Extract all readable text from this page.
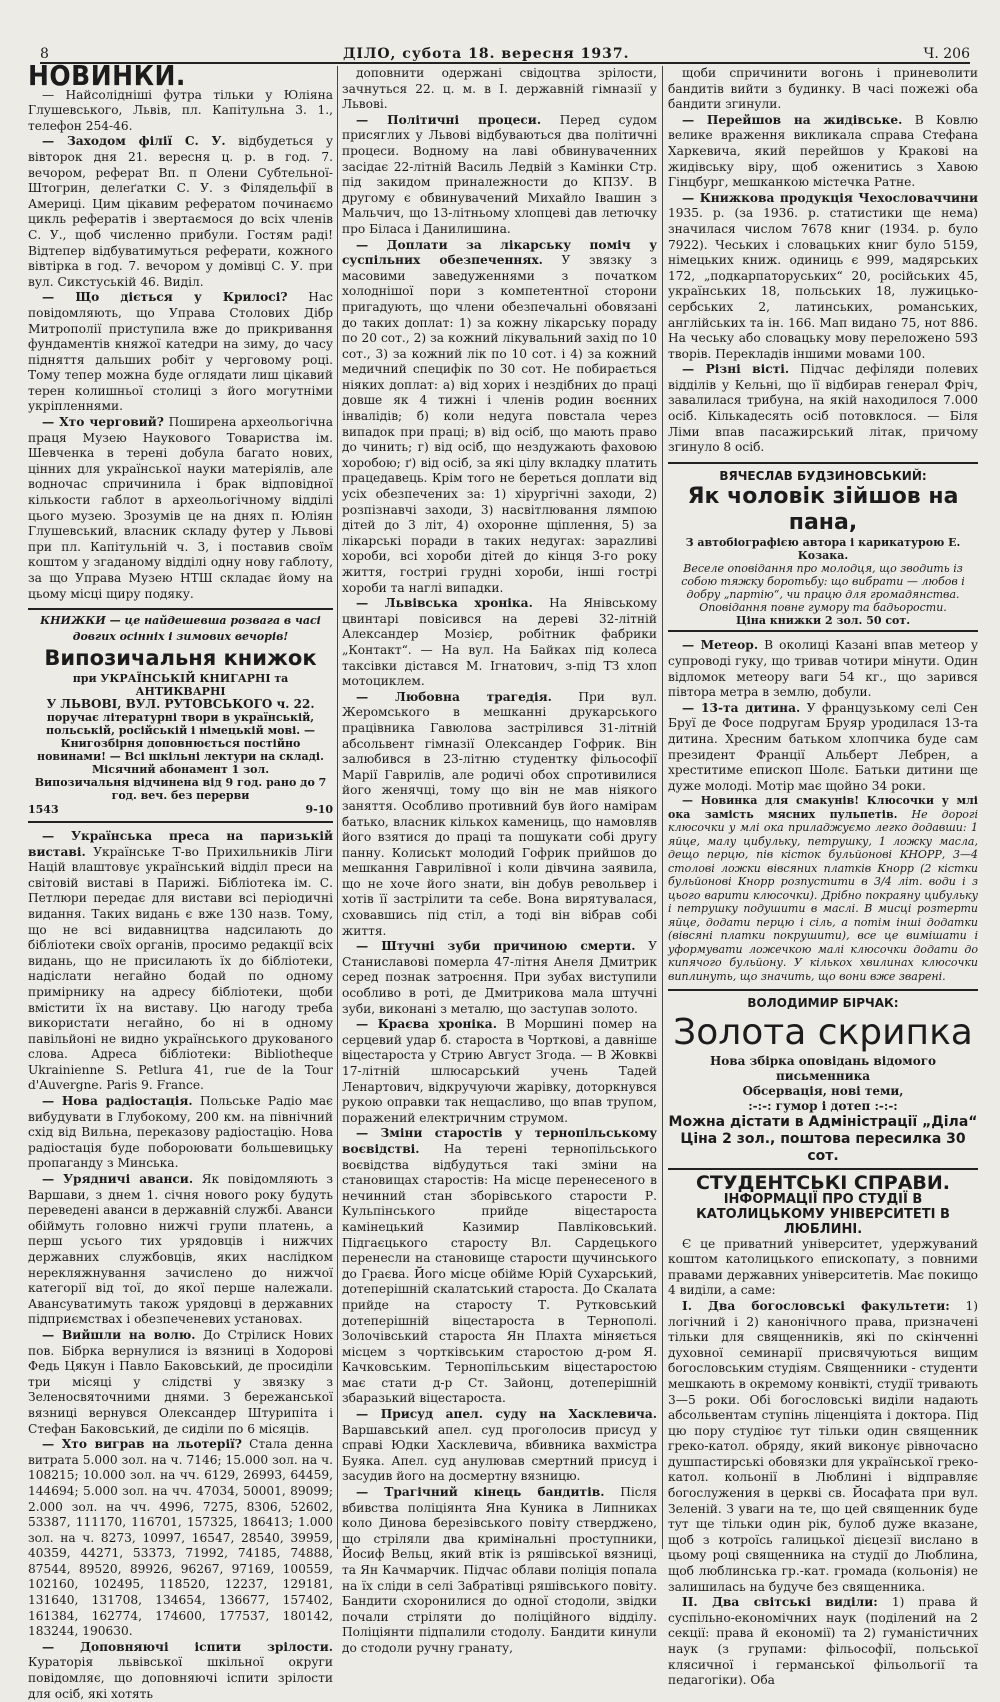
8	ДІЛО, субота 18. вересня 1937.	Ч. 206
НОВИНКИ.

— Найсолідніші футра тільки у Юліяна Глушевського, Львів, пл. Капітульна 3. 1., телефон 254-46.

— Заходом філії С. У. відбудеться у вівторок дня 21. вересня ц. р. в год. 7. вечором, реферат Вп. п Олени Субтельної-Штогрин, делеґатки С. У. з Філядельфії в Америці. Цим цікавим рефератом починаємо цикль рефератів і звертаємося до всіх членів С. У., щоб численно прибули. Гостям раді! Відтепер відбуватимуться реферати, кожного вівтірка в год. 7. вечором у домівці С. У. при вул. Сикстуській 46. Виділ.

— Що діється у Крилосі? Нас повідомляють, що Управа Столових Дібр Митрополії приступила вже до прикривання фундаментів княжої катедри на зиму, до часу підняття дальших робіт у черговому році. Тому тепер можна буде оглядати лиш цікавий терен колишньої столиці з його могутніми укріпленнями.

— Хто черговий? Поширена археольогічна праця Музею Наукового Товариства ім. Шевченка в терені добула багато нових, цінних для української науки матеріялів, але водночас спричинила і брак відповідної кількости габлот в археольогічному відділі цього музею. Зрозумів це на днях п. Юліян Глушевський, власник складу футер у Львові при пл. Капітульній ч. 3, і поставив своїм коштом у згаданому відділі одну нову габлоту, за що Управа Музею НТШ складає йому на цьому місці щиру подяку.

КНИЖКИ — це найдешевша розвага в часі довгих осінніх і зимових вечорів!
Випозичальня книжок
при УКРАЇНСЬКІЙ КНИГАРНІ та АНТИКВАРНІ
У ЛЬВОВІ, ВУЛ. РУТОВСЬКОГО ч. 22.
поручає літературні твори в українській, польській, російській і німецькій мові. — Книгозбірня доповнюється постійно новинами! — Всі шкільні лектури на складі.
Місячний абонамент 1 зол.
Випозичальня відчинена від 9 год. рано до 7 год. веч. без перерви
1543	9-10

— Українська преса на паризькій виставі. Українське Т-во Прихильників Ліги Націй влаштовує український відділ преси на світовій виставі в Парижі. Бібліотека ім. С. Петлюри передає для вистави всі періодичні видання. Таких видань є вже 130 назв. Тому, що не всі видавництва надсилають до бібліотеки своїх органів, просимо редакції всіх видань, що не присилають їх до бібліотеки, надіслати негайно бодай по одному примірнику на адресу бібліотеки, щоби вмістити їх на виставу. Цю нагоду треба використати негайно, бо ні в одному павільйоні не видно українського друкованого слова. Адреса бібліотеки: Bibliotheque Ukrainienne S. Petlura 41, rue de la Tour d'Auvergne. Paris 9. France.

— Нова радіостація. Польське Радіо має вибудувати в Глубокому, 200 км. на північний схід від Вильна, переказову радіостацію. Нова радіостація буде побороювати большевицьку пропаганду з Минська.

— Урядничі аванси. Як повідомляють з Варшави, з днем 1. січня нового року будуть переведені аванси в державній службі. Аванси обіймуть головно нижчі групи платень, а перш усього тих урядовців і нижчих державних службовців, яких наслідком нерекляжнування зачислено до нижчої категорії від тої, до якої перше належали. Авансуватимуть також урядовці в державних підприємствах і обезпеченевих установах.

— Вийшли на волю. До Стрілиск Нових пов. Бібрка вернулися із вязниці в Ходорові Федь Цякун і Павло Баковський, де просиділи три місяці у слідстві у звязку з Зеленосвяточними днями. З бережанської вязниці вернувся Олександер Штурипіта і Стефан Баковський, де сиділи по 6 місяців.

— Хто виграв на льотерії? Стала денна витрата 5.000 зол. на ч. 7146; 15.000 зол. на ч. 108215; 10.000 зол. на чч. 6129, 26993, 64459, 144694; 5.000 зол. на чч. 47034, 50001, 89099; 2.000 зол. на чч. 4996, 7275, 8306, 52602, 53387, 111170, 116701, 157325, 186413; 1.000 зол. на ч. 8273, 10997, 16547, 28540, 39959, 40359, 44271, 53373, 71992, 74185, 74888, 87544, 89520, 89926, 96267, 97169, 100559, 102160, 102495, 118520, 12237, 129181, 131640, 131708, 134654, 136677, 157402, 161384, 162774, 174600, 177537, 180142, 183244, 190630.

— Доповняючі іспити зрілости. Кураторія львівської шкільної округи повідомляє, що доповняючі іспити зрілости для осіб, які хотять

доповнити одержані свідоцтва зрілости, зачнуться 22. ц. м. в I. державній гімназії у Львові.

— Політичні процеси. Перед судом присяглих у Львові відбуваються два політичні процеси. Водному на лаві обвинуваченних засідає 22-літній Василь Ледвій з Камінки Стр. під закидом приналежности до КПЗУ. В другому є обвинувачений Михайло Івашин з Мальчич, що 13-літньому хлопцеві дав летючку про Біласа і Данилишина.

— Доплати за лікарську поміч у суспільних обезпеченнях. У звязку з масовими заведуженнями з початком холоднішої пори з компетентної сторони пригадують, що члени обезпечальні обовязані до таких доплат: 1) за кожну лікарську пораду по 20 сот., 2) за кожний лікувальний захід по 10 сот., 3) за кожний лік по 10 сот. і 4) за кожний медичний специфік по 30 сот. Не побирається ніяких доплат: а) від хорих і нездібних до праці довше як 4 тижні і членів родин воєнних інвалідів; б) коли недуга повстала через випадок при праці; в) від осіб, що мають право до чинить; г) від осіб, що нездужають фаховою хоробою; ґ) від осіб, за які цілу вкладку платить працедавець. Крім того не береться доплати від усіх обезпечених за: 1) хірургічні заходи, 2) розпізнавчі заходи, 3) насвітлювання лямпою дітей до 3 літ, 4) охоронне щіплення, 5) за лікарські поради в таких недугах: зарazливі хороби, всі хороби дітей до кінця 3-го року життя, гостриі грудні хороби, інші гострі хороби та наглі випадки.

— Львівська хроніка. На Янівському цвинтарі повісився на дереві 32-літній Александер Мозієр, робітник фабрики „Контакт“. — На вул. На Байках під колеса таксівки дістався М. Ігнатович, з-під ТЗ хлоп мотоциклем.

— Любовна трагедія. При вул. Жеромського в мешканні друкарського працівника Гавюлова застрілився 31-літній абсольвент гімназії Олександер Гофрик. Він залюбився в 23-літню студентку фільософії Марії Гаврилів, але родичі обох спротивилися його женячці, тому що він не мав ніякого заняття. Особливо противний був його намірам батько, власник кількох камениць, що намовляв його взятися до праці та пошукати собі другу панну. Колиськт молодий Гофрик прийшов до мешкання Гаврилівної і коли дівчина заявила, що не хоче його знати, він добув револьвер і хотів її застрілити та себе. Вона вирятувалася, сховавшись під стіл, а тоді він вібрав собі життя.

— Штучні зуби причиною смерти. У Станиславові померла 47-літня Анеля Дмитрик серед познак затроєння. При зубах виступили особливо в роті, де Дмитрикова мала штучні зуби, виконані з металю, що заступав золото.

— Краєва хроніка. В Моршині помер на серцевий удар б. староста в Чорткові, а давніше віцестароста у Стрию Август Згода. — В Жовкві 17-літній шлюсарський учень Тадей Ленартович, відкручуючи жарівку, доторкнувся рукою оправки так нещасливо, що впав трупом, поражений електричним струмом.

— Зміни старостів у тернопільському воєвідстві. На терені тернопільського воєвідства відбудуться такі зміни на становищах старостів: На місце перенесеного в нечинний стан зборівського старости Р. Кульпінського прийде віцестароста камінецький Казимир Павліковський. Підгаєцького старосту Вл. Сардецького перенесли на становище старости щучинського до Граєва. Його місце обійме Юрій Сухарський, дотеперішній скалатський староста. До Скалата прийде на старосту Т. Рутковський дотеперішній віцестароста в Тернополі. Золочівський староста Ян Плахта міняється місцем з чортківським старостою д-ром Я. Качковським. Тернопільським віцестаростою має стати д-р Ст. Зайонц, дотеперішній збаразький віцестароста.

— Присуд апел. суду на Хасклевича. Варшавський апел. суд проголосив присуд у справі Юдки Хасклевича, вбивника вахмістра Буяка. Апел. суд анулював смертний присуд і засудив його на досмертну вязницю.

— Трагічний кінець бандитів. Після вбивства поліціянта Яна Куника в Липниках коло Динова березівського повіту стверджено, що стріляли два кримінальні проступники, Йосиф Вельц, який втік із ряшівської вязниці, та Ян Качмарчик. Підчас облави поліція попала на їх сліди в селі Забратівці ряшівського повіту. Бандити схоронилися до одної стодоли, звідки почали стріляти до поліційного відділу. Поліціянти підпалили стодолу. Бандити кинули до стодоли ручну гранату,

щоби спричинити вогонь і приневолити бандитів вийти з будинку. В часі пожежі оба бандити згинули.

— Перейшов на жидівське. В Ковлю велике враження викликала справа Стефана Харкевича, який перейшов у Кракові на жидівську віру, щоб оженитись з Хавою Гінцбург, мешканкою містечка Ратне.

— Книжкова продукція Чехословаччини 1935. р. (за 1936. р. статистики ще нема) значилася числом 7678 книг (1934. р. було 7922). Чеських і словацьких книг було 5159, німецьких книж. одиниць є 999, мадярських 172, „подкарпаторуських“ 20, російських 45, українських 18, польських 18, лужицько-сербських 2, латинських, романських, англійських та ін. 166. Мап видано 75, нот 886. На чеську або словацьку мову переложено 593 творів. Перекладів іншими мовами 100.

— Різні вісті. Підчас дефіляди полевих відділів у Кельні, що її відбирав генерал Фріч, завалилася трибуна, на якій находилося 7.000 осіб. Кількадесять осіб потовклося. — Біля Ліми впав пасажирський літак, причому згинуло 8 осіб.

ВЯЧЕСЛАВ БУДЗИНОВСЬКИЙ:
Як чоловік зійшов на пана,
З автобіографією автора і карикатурою Е. Козака.
Веселе оповідання про молодця, що зводить із собою тяжку боротьбу: що вибрати — любов і добру „партію“, чи працю для громадянства. Оповідання повне гумору та бадьорости.
Ціна книжки 2 зол. 50 сот.

— Метеор. В околиці Казані впав метеор у супроводі гуку, що тривав чотири мінути. Один відломок метеору ваги 54 кг., що зарився півтора метра в землю, добули.

— 13-та дитина. У французькому селі Сен Бруї де Фосе подругам Бруяр уродилася 13-та дитина. Хресним батьком хлопчика буде сам президент Франції Альберт Лебрен, а хреститиме епископ Шолє. Батьки дитини ще дуже молоді. Мотір має щойно 34 роки.

— Новинка для смакунів! Клюсочки у млі ока замість мясних пульпетів. Не дорогі клюсочки у млі ока приладжуємо легко додавши: 1 яйце, малу цибульку, петрушку, 1 ложку масла, дещо перцю, пів кісток бульйонові КНОРР, 3—4 столові ложки вівсяних платків Кнорр (2 кістки бульйонові Кнорр розпустити в 3/4 літ. води і з цього варити клюсочки). Дрібно покраяну цибульку і петрушку подушити в маслі. В мисці розтерти яйце, додати перцю і сіль, а потім інші додатки (вівсяні платки покрушити), все це вимішати і уформувати ложечкою малі клюсочки додати до кипячого бульйону. У кількох хвилинах клюсочки виплинуть, що значить, що вони вже зварені.

ВОЛОДИМИР БІРЧАК:
Золота скрипка
Нова збірка оповідань відомого письменника
Обсервація, нові теми,
:-:-: гумор і дотеп :-:-:
Можна дістати в Адміністрації „Діла“
Ціна 2 зол., поштова пересилка 30 сот.
СТУДЕНТСЬКІ СПРАВИ.
ІНФОРМАЦІЇ ПРО СТУДІЇ В КАТОЛИЦЬКОМУ УНІВЕРСИТЕТІ В ЛЮБЛИНІ.

Є це приватний університет, удержуваний коштом католицького епископату, з повними правами державних університетів. Має покищо 4 виділи, а саме:

I. Два богословські факультети: 1) логічний і 2) канонічного права, призначені тільки для священників, які по скінченні духовної семинарії присвячуються вищим богословським студіям. Священники - студенти мешкають в окремому конвікті, студії тривають 3—5 роки. Обі богословські виділи надають абсольвентам ступінь ліценціята і доктора. Під цю пору студіює тут тільки один священник греко-катол. обряду, який виконує рівночасно душпастирські обовязки для української греко-катол. кольонії в Люблині і відправляє богослужения в церкві св. Йосафата при вул. Зеленій. З уваги на те, що цей священник буде тут ще тільки один рік, булоб дуже вказане, щоб з котроїсь галицької дієцезії вислано в цьому році священника на студії до Люблина, щоб люблинська гр.-кат. громада (кольонія) не залишилась на будуче без священника.

II. Два світські виділи: 1) права й суспільно-економічних наук (поділений на 2 секції: права й економії) та 2) гуманістичних наук (з групами: фільософії, польської клясичної і германської фільольогії та педагогіки). Оба
